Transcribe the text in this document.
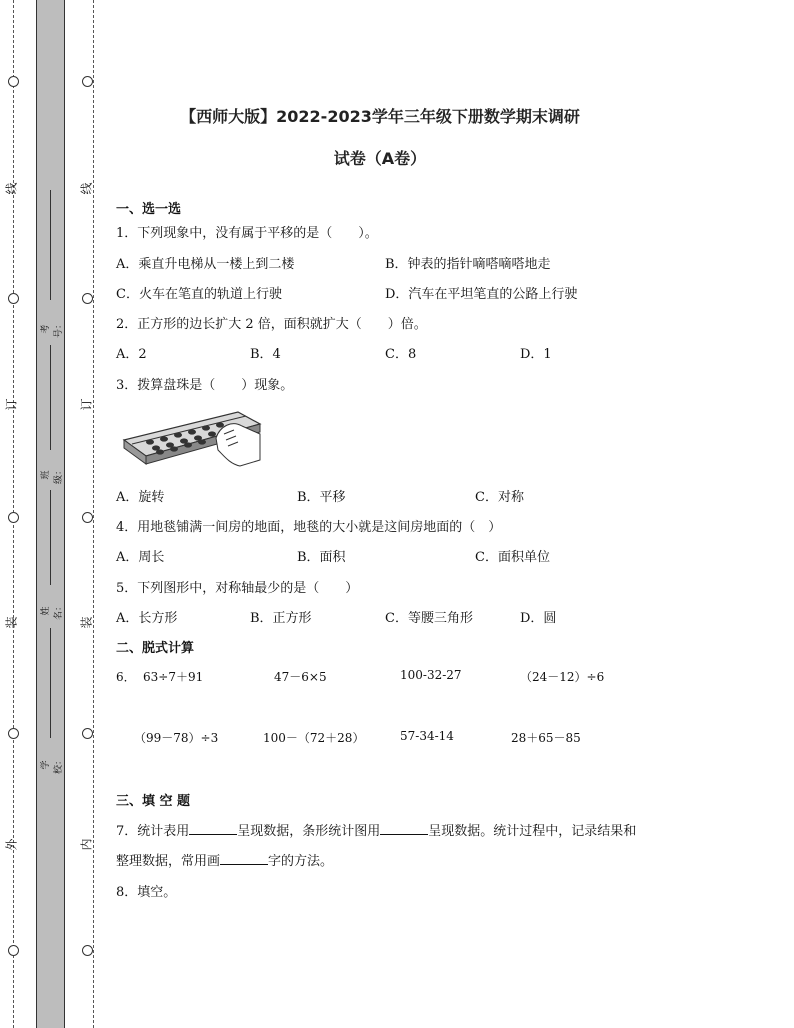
线
订
装
外
线
订
装
内
考号：
班级：
姓名：
学校：
【西师大版】2022-2023学年三年级下册数学期末调研
试卷（A卷）
一、选一选
1．下列现象中，没有属于平移的是（　　）。
A．乘直升电梯从一楼上到二楼	B．钟表的指针嘀嗒嘀嗒地走
C．火车在笔直的轨道上行驶	D．汽车在平坦笔直的公路上行驶
2．正方形的边长扩大 2 倍，面积就扩大（　　）倍。
A．2	B．4	C．8	D．1
3．拨算盘珠是（　　）现象。
A．旋转	B．平移	C．对称
4．用地毯铺满一间房的地面，地毯的大小就是这间房地面的（　）
A．周长	B．面积	C．面积单位
5．下列图形中，对称轴最少的是（　　）
A．长方形	B．正方形	C．等腰三角形	D．圆
二、脱式计算
6． 63÷7＋91	47－6×5	100-32-27	（24－12）÷6
（99－78）÷3	100－（72＋28）	57-34-14	28＋65－85
三、填 空 题
7．统计表用	呈现数据，条形统计图用	呈现数据。统计过程中，记录结果和
整理数据，常用画	字的方法。
8．填空。
